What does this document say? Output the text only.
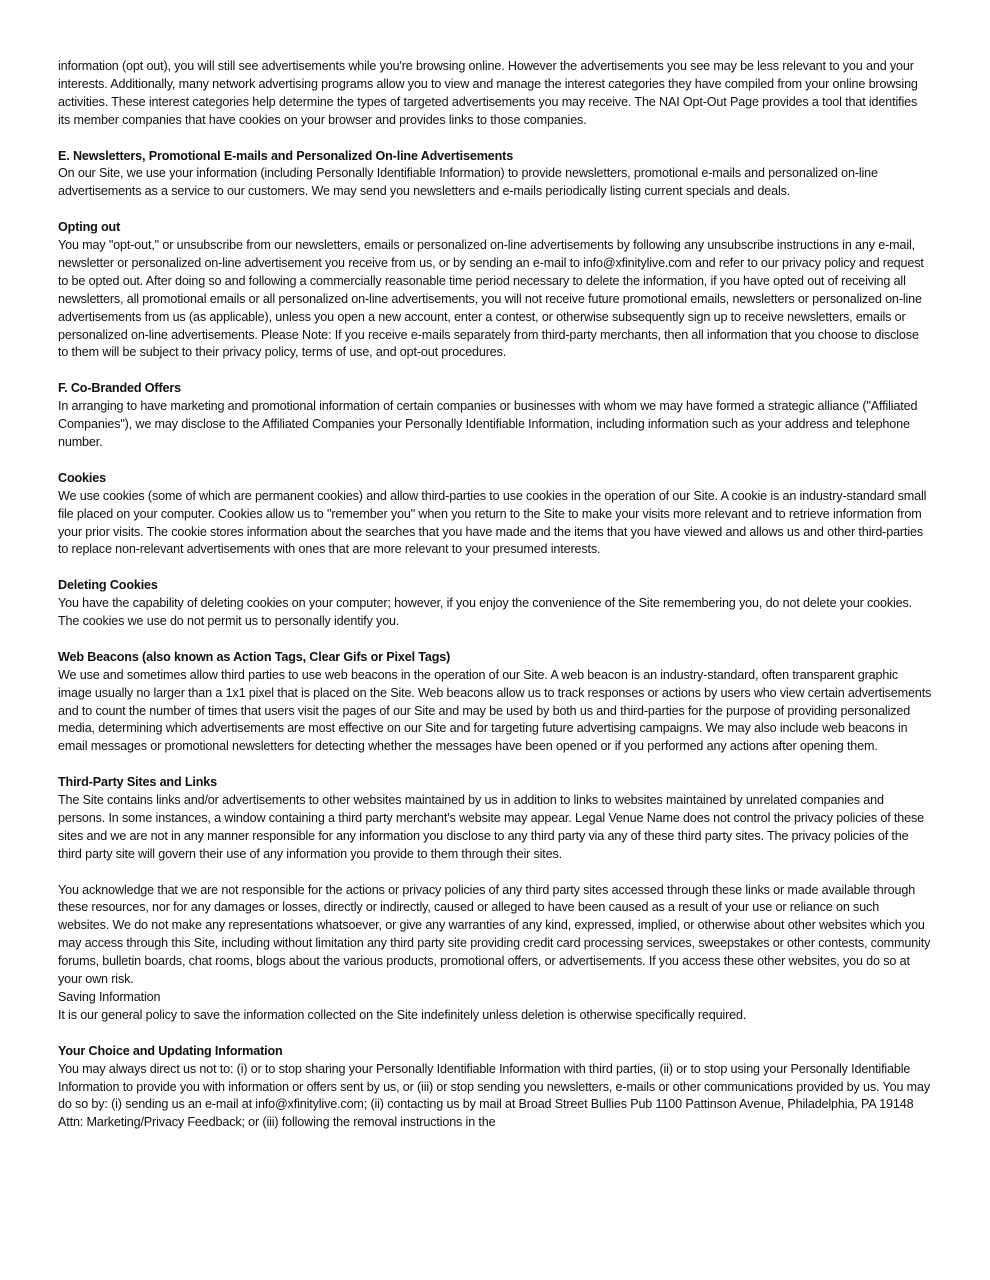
information (opt out), you will still see advertisements while you're browsing online. However the advertisements you see may be less relevant to you and your interests. Additionally, many network advertising programs allow you to view and manage the interest categories they have compiled from your online browsing activities. These interest categories help determine the types of targeted advertisements you may receive. The NAI Opt-Out Page provides a tool that identifies its member companies that have cookies on your browser and provides links to those companies.

E. Newsletters, Promotional E-mails and Personalized On-line Advertisements

On our Site, we use your information (including Personally Identifiable Information) to provide newsletters, promotional e-mails and personalized on-line advertisements as a service to our customers. We may send you newsletters and e-mails periodically listing current specials and deals.

Opting out

You may "opt-out," or unsubscribe from our newsletters, emails or personalized on-line advertisements by following any unsubscribe instructions in any e-mail, newsletter or personalized on-line advertisement you receive from us, or by sending an e-mail to info@xfinitylive.com and refer to our privacy policy and request to be opted out. After doing so and following a commercially reasonable time period necessary to delete the information, if you have opted out of receiving all newsletters, all promotional emails or all personalized on-line advertisements, you will not receive future promotional emails, newsletters or personalized on-line advertisements from us (as applicable), unless you open a new account, enter a contest, or otherwise subsequently sign up to receive newsletters, emails or personalized on-line advertisements. Please Note: If you receive e-mails separately from third-party merchants, then all information that you choose to disclose to them will be subject to their privacy policy, terms of use, and opt-out procedures.

F. Co-Branded Offers

In arranging to have marketing and promotional information of certain companies or businesses with whom we may have formed a strategic alliance ("Affiliated Companies"), we may disclose to the Affiliated Companies your Personally Identifiable Information, including information such as your address and telephone number.

Cookies

We use cookies (some of which are permanent cookies) and allow third-parties to use cookies in the operation of our Site. A cookie is an industry-standard small file placed on your computer. Cookies allow us to "remember you" when you return to the Site to make your visits more relevant and to retrieve information from your prior visits. The cookie stores information about the searches that you have made and the items that you have viewed and allows us and other third-parties to replace non-relevant advertisements with ones that are more relevant to your presumed interests.

Deleting Cookies

You have the capability of deleting cookies on your computer; however, if you enjoy the convenience of the Site remembering you, do not delete your cookies. The cookies we use do not permit us to personally identify you.

Web Beacons (also known as Action Tags, Clear Gifs or Pixel Tags)

We use and sometimes allow third parties to use web beacons in the operation of our Site. A web beacon is an industry-standard, often transparent graphic image usually no larger than a 1x1 pixel that is placed on the Site. Web beacons allow us to track responses or actions by users who view certain advertisements and to count the number of times that users visit the pages of our Site and may be used by both us and third-parties for the purpose of providing personalized media, determining which advertisements are most effective on our Site and for targeting future advertising campaigns. We may also include web beacons in email messages or promotional newsletters for detecting whether the messages have been opened or if you performed any actions after opening them.

Third-Party Sites and Links

The Site contains links and/or advertisements to other websites maintained by us in addition to links to websites maintained by unrelated companies and persons. In some instances, a window containing a third party merchant's website may appear. Legal Venue Name does not control the privacy policies of these sites and we are not in any manner responsible for any information you disclose to any third party via any of these third party sites. The privacy policies of the third party site will govern their use of any information you provide to them through their sites.

You acknowledge that we are not responsible for the actions or privacy policies of any third party sites accessed through these links or made available through these resources, nor for any damages or losses, directly or indirectly, caused or alleged to have been caused as a result of your use or reliance on such websites. We do not make any representations whatsoever, or give any warranties of any kind, expressed, implied, or otherwise about other websites which you may access through this Site, including without limitation any third party site providing credit card processing services, sweepstakes or other contests, community forums, bulletin boards, chat rooms, blogs about the various products, promotional offers, or advertisements. If you access these other websites, you do so at your own risk.

Saving Information

It is our general policy to save the information collected on the Site indefinitely unless deletion is otherwise specifically required.

Your Choice and Updating Information

You may always direct us not to: (i) or to stop sharing your Personally Identifiable Information with third parties, (ii) or to stop using your Personally Identifiable Information to provide you with information or offers sent by us, or (iii) or stop sending you newsletters, e-mails or other communications provided by us. You may do so by: (i) sending us an e-mail at info@xfinitylive.com; (ii) contacting us by mail at Broad Street Bullies Pub 1100 Pattinson Avenue, Philadelphia, PA 19148 Attn: Marketing/Privacy Feedback; or (iii) following the removal instructions in the
